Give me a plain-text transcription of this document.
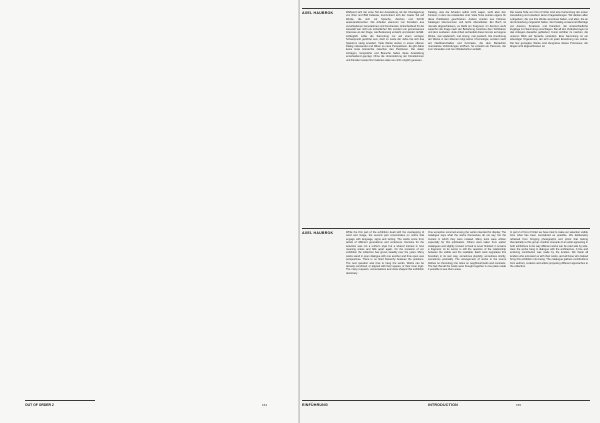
OUT OF ORDER 2	154
AXEL HAUBROK	Während sich der erste Teil der Ausstellung mit der Überlagerung von Wort und Bild befasste, konzentriert sich der zweite Teil auf Werke, die sich mit Sprache, Zeichen und Schrift auseinandersetzen. Die Arbeiten stammen von Künstlern aus verschiedenen Generationen und Kontinenten. Entscheidend für die Auswahl war nicht ein einheitlicher Stil, sondern ein gemeinsames Interesse an der Frage, wie Bedeutung entsteht und wieder zerfällt. Anfänglich sollte die Sammlung nur auf einen einzigen Schwerpunkt gerichtet sein, doch im Laufe der Jahre hat sich das Spektrum stetig erweitert. Viele Werke stehen in einem offenen Dialog miteinander und öffnen so neue Perspektiven. Es gibt dabei keine feste Hierarchie zwischen den Positionen. Die vielen Anfragen, Gespräche und Besuche haben diese Ausstellung entscheidend geprägt. Ohne die Unterstützung der Künstlerinnen und Künstler sowie ihrer Galerien wäre sie nicht möglich gewesen.
Katalog, was die Arbeiten selbst nicht sagen, wohl aber den Kontext, in dem sie entstanden sind. Viele Texte wurden eigens für diese Publikation geschrieben. Andere wurden aus früheren Katalogen übernommen und leicht überarbeitet. Ein Buch ist niemals abgeschlossen, es bleibt ein Fragment. Im Zentrum steht weiterhin die Frage nach der Beziehung zwischen dem Sichtbaren und dem Lesbaren. Jede Arbeit verhandelt diese Grenze auf eigene Weise, mal spielerisch, mal streng, mal poetisch. Die Anordnung der Werke in den Räumen folgt keiner Chronologie, sondern setzt auf Nachbarschaften und Kontraste, die dem Betrachter unerwartete Verbindungen eröffnen. So entsteht ein Parcours, der zum Verweilen und zum Wiederkehren einlädt.
Die zweite Teile von Out of Order sind eine Fortsetzung der ersten Ausstellung und erweitern deren Fragestellungen. Wir danken allen Leihgebern, die uns ihre Werke anvertraut haben, und allen, die an der Entstehung mitgewirkt haben. Der Katalog versammelt Beiträge von Autoren, Kuratoren und Künstlern, die unterschiedliche Zugänge zur Sammlung vorschlagen. Bei all den Veränderungen ist das Anliegen dasselbe geblieben: Kunst sichtbar zu machen, die unseren Blick auf Sprache verändert. Eine Sammlung ist ein lebendiger Organismus, der sich mit jeder Erwerbung neu ordnet. Die hier gezeigten Werke sind Zeugnisse dieses Prozesses, der längst nicht abgeschlossen ist.
AXEL HAUBROK	While the first part of the exhibition dealt with the overlapping of word and image, the second part concentrates on works that engage with language, signs and writing. The works come from artists of different generations and continents. Decisive for the selection was not a uniform style but a shared interest in how meaning arises and falls apart again. On the occasion of our exhibition the collection has grown steadily over the years. Many works stand in open dialogue with one another and thus open new perspectives. There is no fixed hierarchy between the positions. The next question was how to hang the works. Works can be densely combined, or aligned with their spaces, or their inner logic. The many requests, conversations and visits shaped this exhibition decisively.
One exception occurred among the works intended for display. The catalogue says what the works themselves do not say, but the context in which they were created. Many texts were written especially for this publication. Others were taken from earlier catalogues and slightly revised. A book is never finished; it remains a fragment. At its centre is still the question of the relationship between the visible and the readable. Each work negotiates this boundary in its own way, sometimes playfully, sometimes strictly, sometimes poetically. The arrangement of works in the rooms follows no chronology but relies on neighbourhoods and contrasts. The fact that all the works were brought together in one place made it possible to see them anew.
In part 2 of Out of Order we have tried to make our selection visible from what has been considered as possible. We deliberately refrained from bringing photographs and prints that belong thematically to this group. Another example of an artist appearing in both exhibitions is the way different works can be read side by side. Here the works hang in dialogue with the architecture. A fine and enduring contribution was made by the lenders. We thank all lenders who entrusted us with their works, and all those who helped bring this exhibition into being. The catalogue gathers contributions from authors, curators and artists proposing different approaches to the collection.
EINFÜHRUNG	INTRODUCTION	155
